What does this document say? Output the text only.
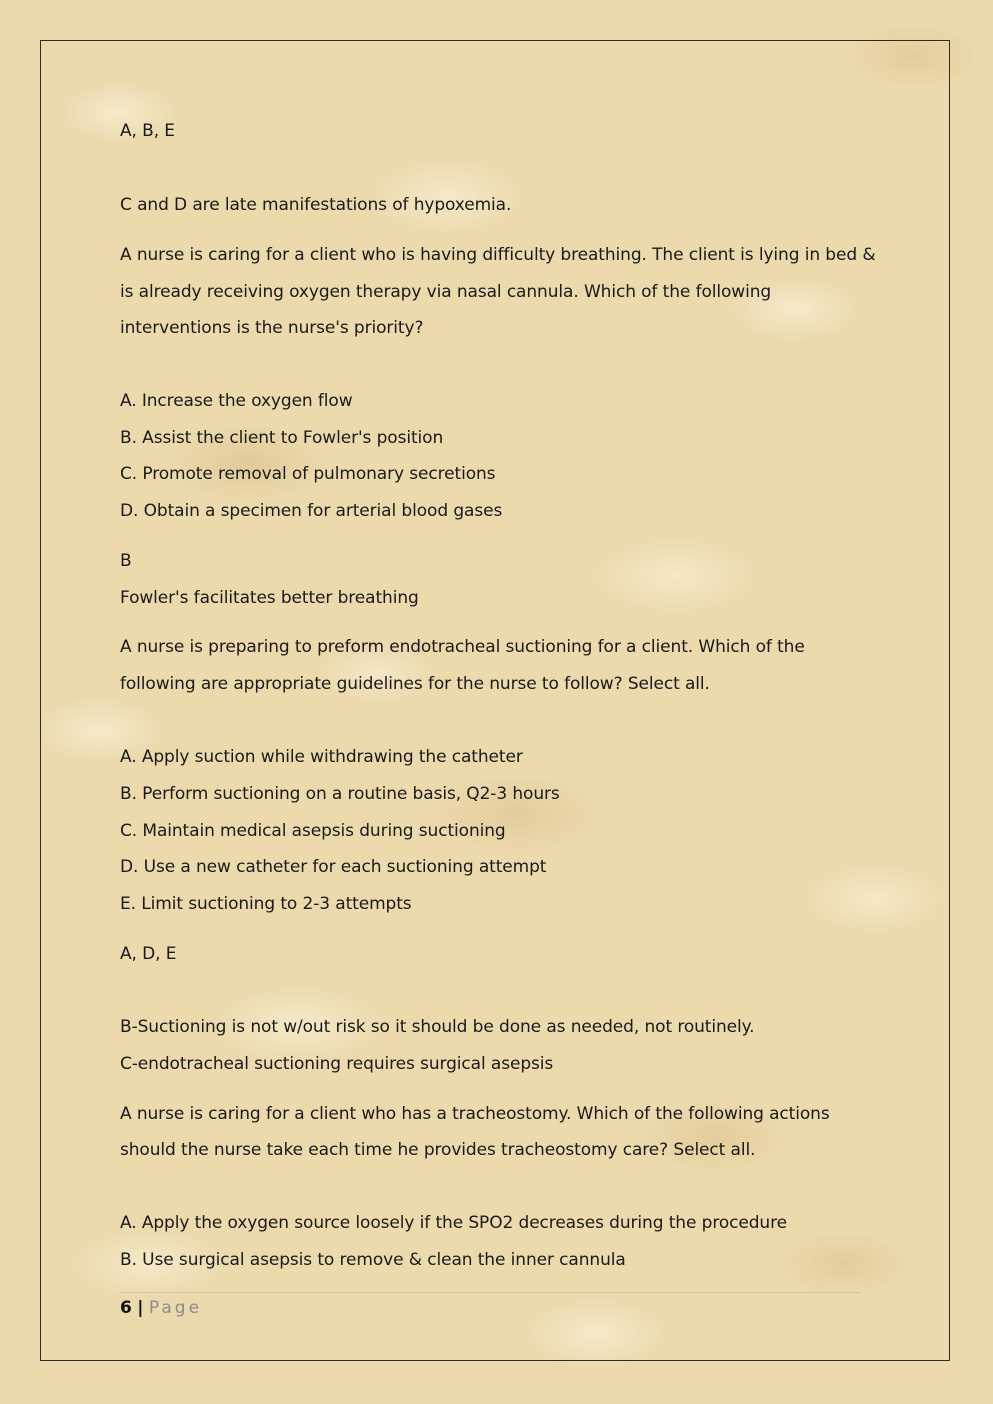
A, B, E
C and D are late manifestations of hypoxemia.
A nurse is caring for a client who is having difficulty breathing. The client is lying in bed &
is already receiving oxygen therapy via nasal cannula. Which of the following
interventions is the nurse's priority?
A. Increase the oxygen flow
B. Assist the client to Fowler's position
C. Promote removal of pulmonary secretions
D. Obtain a specimen for arterial blood gases
B
Fowler's facilitates better breathing
A nurse is preparing to preform endotracheal suctioning for a client. Which of the
following are appropriate guidelines for the nurse to follow? Select all.
A. Apply suction while withdrawing the catheter
B. Perform suctioning on a routine basis, Q2-3 hours
C. Maintain medical asepsis during suctioning
D. Use a new catheter for each suctioning attempt
E. Limit suctioning to 2-3 attempts
A, D, E
B-Suctioning is not w/out risk so it should be done as needed, not routinely.
C-endotracheal suctioning requires surgical asepsis
A nurse is caring for a client who has a tracheostomy. Which of the following actions
should the nurse take each time he provides tracheostomy care? Select all.
A. Apply the oxygen source loosely if the SPO2 decreases during the procedure
B. Use surgical asepsis to remove & clean the inner cannula
6 | Page
